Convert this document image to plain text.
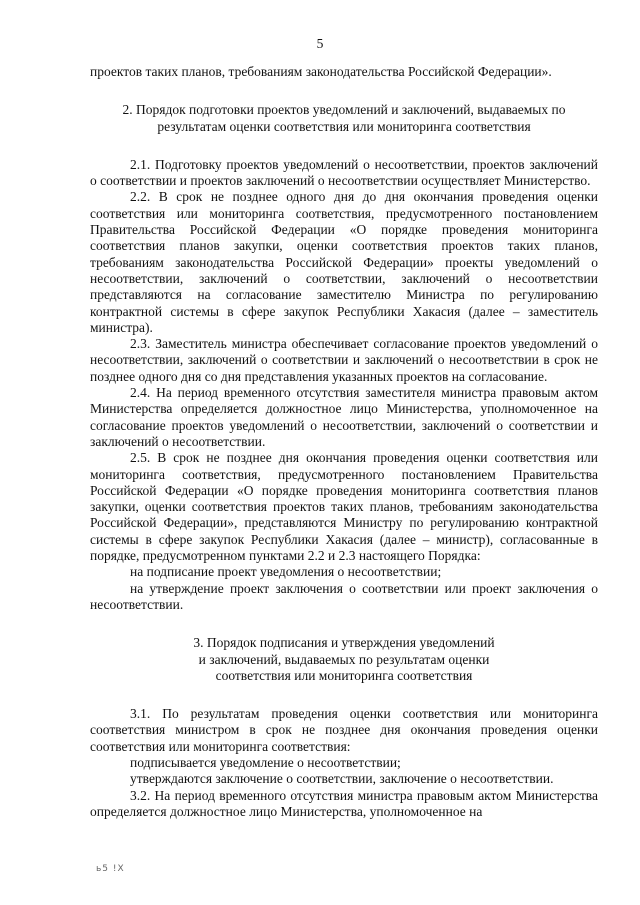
5

проектов таких планов, требованиям законодательства Российской Федерации».

2. Порядок подготовки проектов уведомлений и заключений, выдаваемых по результатам оценки соответствия или мониторинга соответствия

2.1. Подготовку проектов уведомлений о несоответствии, проектов заключений о соответствии и проектов заключений о несоответствии осуществляет Министерство.

2.2. В срок не позднее одного дня до дня окончания проведения оценки соответствия или мониторинга соответствия, предусмотренного постановлением Правительства Российской Федерации «О порядке проведения мониторинга соответствия планов закупки, оценки соответствия проектов таких планов, требованиям законодательства Российской Федерации» проекты уведомлений о несоответствии, заключений о соответствии, заключений о несоответствии представляются на согласование заместителю Министра по регулированию контрактной системы в сфере закупок Республики Хакасия (далее – заместитель министра).

2.3. Заместитель министра обеспечивает согласование проектов уведомлений о несоответствии, заключений о соответствии и заключений о несоответствии в срок не позднее одного дня со дня представления указанных проектов на согласование.

2.4. На период временного отсутствия заместителя министра правовым актом Министерства определяется должностное лицо Министерства, уполномоченное на согласование проектов уведомлений о несоответствии, заключений о соответствии и заключений о несоответствии.

2.5. В срок не позднее дня окончания проведения оценки соответствия или мониторинга соответствия, предусмотренного постановлением Правительства Российской Федерации «О порядке проведения мониторинга соответствия планов закупки, оценки соответствия проектов таких планов, требованиям законодательства Российской Федерации», представляются Министру по регулированию контрактной системы в сфере закупок Республики Хакасия (далее – министр), согласованные в порядке, предусмотренном пунктами 2.2 и 2.3 настоящего Порядка:

на подписание проект уведомления о несоответствии;

на утверждение проект заключения о соответствии или проект заключения о несоответствии.

3. Порядок подписания и утверждения уведомлений
и заключений, выдаваемых по результатам оценки
соответствия или мониторинга соответствия

3.1. По результатам проведения оценки соответствия или мониторинга соответствия министром в срок не позднее дня окончания проведения оценки соответствия или мониторинга соответствия:

подписывается уведомление о несоответствии;

утверждаются заключение о соответствии, заключение о несоответствии.

3.2. На период временного отсутствия министра правовым актом Министерства определяется должностное лицо Министерства, уполномоченное на

ь5 !Х
